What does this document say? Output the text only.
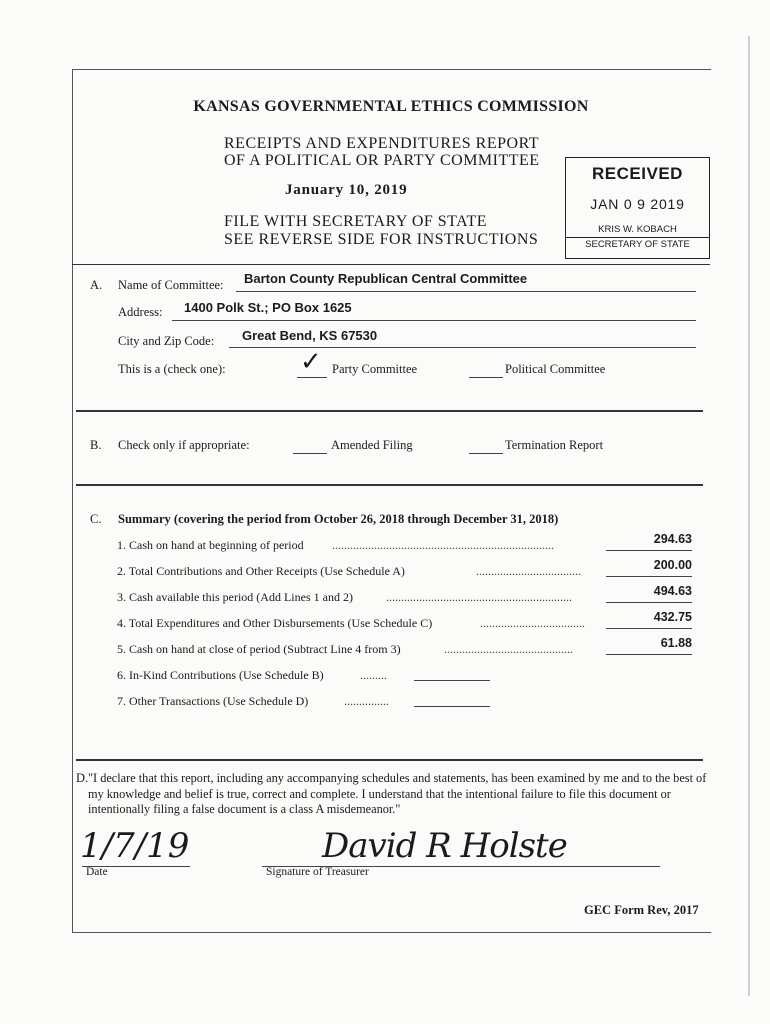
KANSAS GOVERNMENTAL ETHICS COMMISSION
RECEIPTS AND EXPENDITURES REPORT
OF A POLITICAL OR PARTY COMMITTEE
January 10, 2019
FILE WITH SECRETARY OF STATE
SEE REVERSE SIDE FOR INSTRUCTIONS
RECEIVED
JAN 0 9 2019
KRIS W. KOBACH
SECRETARY OF STATE
A. Name of Committee: Barton County Republican Central Committee
Address: 1400 Polk St.; PO Box 1625
City and Zip Code: Great Bend, KS 67530
This is a (check one):	✓ Party Committee	Political Committee
B. Check only if appropriate:	Amended Filing	Termination Report
C. Summary (covering the period from October 26, 2018 through December 31, 2018)
1. Cash on hand at beginning of period ..........................................................................	294.63
2. Total Contributions and Other Receipts (Use Schedule A)	...................................	200.00
3. Cash available this period (Add Lines 1 and 2)	..............................................................	494.63
4. Total Expenditures and Other Disbursements (Use Schedule C)	...................................	432.75
5. Cash on hand at close of period (Subtract Line 4 from 3)	...........................................	61.88
6. In-Kind Contributions (Use Schedule B)	.........
7. Other Transactions (Use Schedule D)	...............
D. "I declare that this report, including any accompanying schedules and statements, has been examined by me and to the best of my knowledge and belief is true, correct and complete. I understand that the intentional failure to file this document or intentionally filing a false document is a class A misdemeanor."
1/7/19
Date
David R Holste
Signature of Treasurer
GEC Form Rev, 2017
